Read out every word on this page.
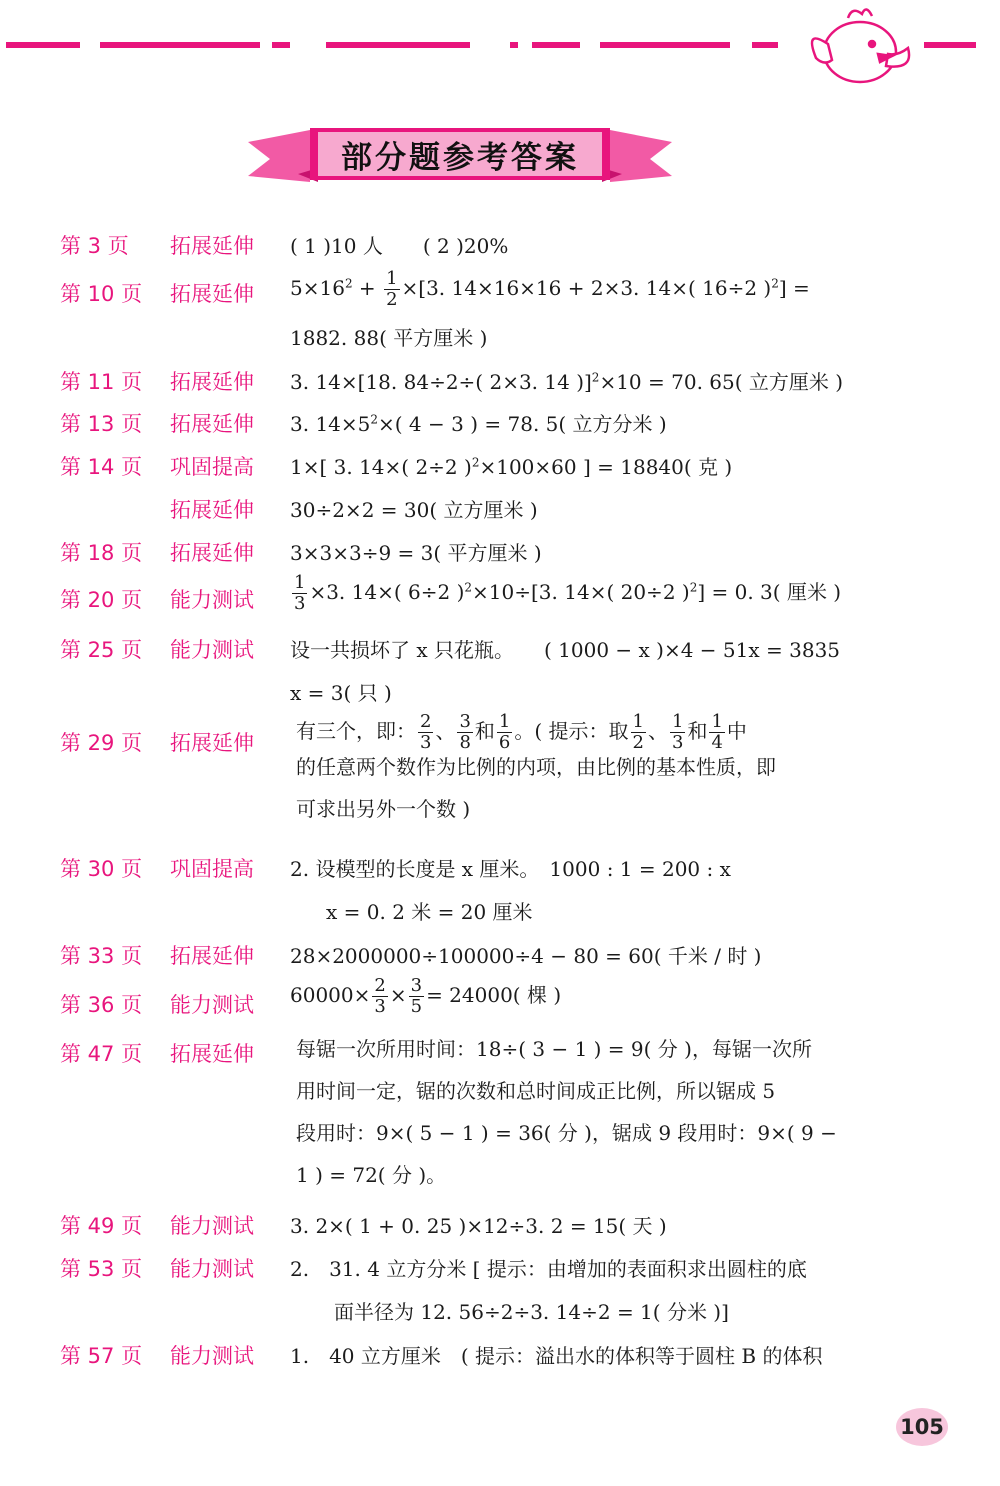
部分题参考答案
第 3 页 拓展延伸 ( 1 )10 人　　( 2 )20%
第 10 页 拓展延伸 $5\times 16^2 + \frac{1}{2} \times[3$. 14×16×16 + 2×3. 14×( 16÷2 )$^2$] =
1882. 88( 平方厘米 )
第 11 页 拓展延伸 3. 14×[18. 84÷2÷( 2×3. 14 )]$^2$×10 = 70. 65( 立方厘米 )
第 13 页 拓展延伸 3. $14\times 5^2\times$( 4 − 3 ) = 78. 5( 立方分米 )
第 14 页 巩固提高 1×[ 3. 14×( 2÷2 )$^2$×100×60 ] = 18840( 克 )
拓展延伸 30÷2×2 = 30( 立方厘米 )
第 18 页 拓展延伸 3×3×3÷9 = 3( 平方厘米 )
第 20 页 能力测试 $\frac{1}{3} \times 3$. 14×( 6÷2 )$^2$×10÷[3. 14×( 20÷2 )$^2$] = 0. 3( 厘米 )
第 25 页 能力测试 设一共损坏了 x 只花瓶。　　( 1000 − x )×4 − 51x = 3835
x = 3( 只 )
第 29 页 拓展延伸 有三个，即： $\frac{2}{3}$ 、 $\frac{3}{8}$ 和 $\frac{1}{6}$ 。( 提示：取 $\frac{1}{2}$ 、 $\frac{1}{3}$ 和 $\frac{1}{4}$ 中
的任意两个数作为比例的内项，由比例的基本性质，即
可求出另外一个数 )
第 30 页 巩固提高 2. 设模型的长度是 x 厘米。　1000 : 1 = 200 : x
x = 0. 2 米 = 20 厘米
第 33 页 拓展延伸 28×2000000÷100000÷4 − 80 = 60( 千米 / 时 )
第 36 页 能力测试 $60000\times \frac{2}{3} \times \frac{3}{5} = 24000$( 棵 )
第 47 页 拓展延伸 每锯一次所用时间：18÷( 3 − 1 ) = 9( 分 )，每锯一次所
用时间一定，锯的次数和总时间成正比例，所以锯成 5
段用时：9×( 5 − 1 ) = 36( 分 )，锯成 9 段用时：9×( 9 −
1 ) = 72( 分 )。
第 49 页 能力测试 3. 2×( 1 + 0. 25 )×12÷3. 2 = 15( 天 )
第 53 页 能力测试 2.　31. 4 立方分米 [ 提示：由增加的表面积求出圆柱的底
面半径为 12. 56÷2÷3. 14÷2 = 1( 分米 )]
第 57 页 能力测试 1.　40 立方厘米　( 提示：溢出水的体积等于圆柱 B 的体积
105
